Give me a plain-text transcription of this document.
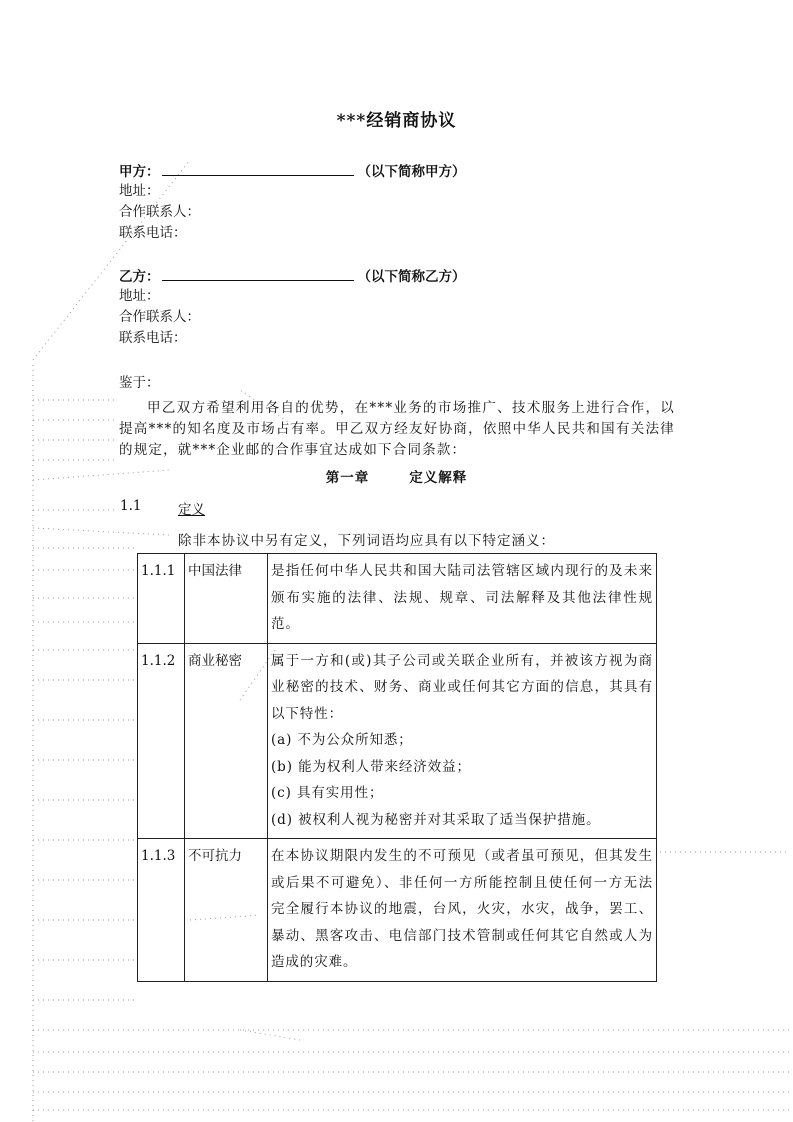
***经销商协议
甲方：	（以下简称甲方）
地址：
合作联系人：
联系电话：
乙方：	（以下简称乙方）
地址：
合作联系人：
联系电话：
鉴于：
甲乙双方希望利用各自的优势，在***业务的市场推广、技术服务上进行合作，以提高***的知名度及市场占有率。甲乙双方经友好协商，依照中华人民共和国有关法律的规定，就***企业邮的合作事宜达成如下合同条款：
第一章	定义解释
1.1	定义
除非本协议中另有定义，下列词语均应具有以下特定涵义：
1.1.1	中国法律	是指任何中华人民共和国大陆司法管辖区域内现行的及未来颁布实施的法律、法规、规章、司法解释及其他法律性规范。
1.1.2	商业秘密	属于一方和(或)其子公司或关联企业所有，并被该方视为商业秘密的技术、财务、商业或任何其它方面的信息，其具有以下特性：
(a) 不为公众所知悉；
(b) 能为权利人带来经济效益；
(c) 具有实用性；
(d) 被权利人视为秘密并对其采取了适当保护措施。

1.1.3	不可抗力	在本协议期限内发生的不可预见（或者虽可预见，但其发生或后果不可避免）、非任何一方所能控制且使任何一方无法完全履行本协议的地震，台风，火灾，水灾，战争，罢工、暴动、黑客攻击、电信部门技术管制或任何其它自然或人为造成的灾难。
